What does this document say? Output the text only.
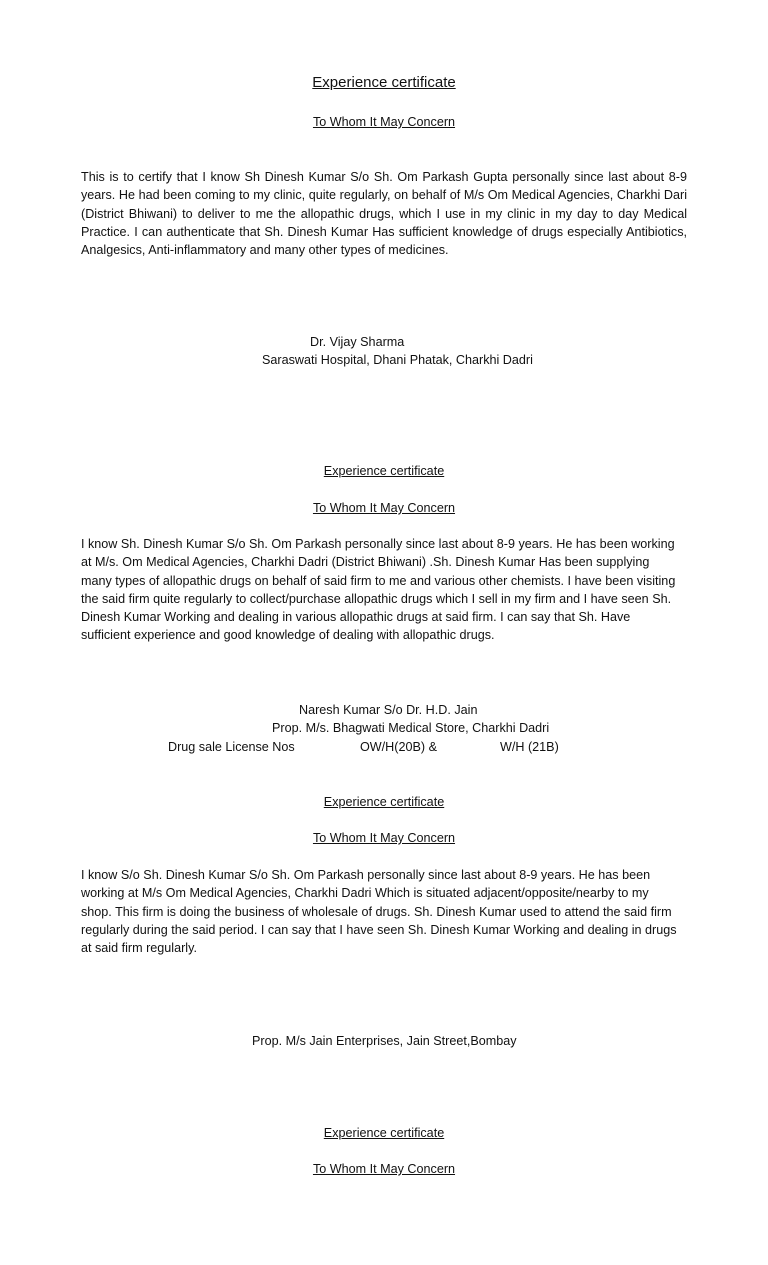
Experience certificate
To Whom It May Concern
This is to certify that I know Sh Dinesh Kumar S/o Sh. Om Parkash Gupta personally since last about 8-9 years. He had been coming to my clinic, quite regularly, on behalf of M/s Om Medical Agencies, Charkhi Dari (District Bhiwani) to deliver to me the allopathic drugs, which I use in my clinic in my day to day Medical Practice. I can authenticate that Sh. Dinesh Kumar Has sufficient knowledge of drugs especially Antibiotics, Analgesics, Anti-inflammatory and many other types of medicines.
Dr. Vijay Sharma
Saraswati Hospital, Dhani Phatak, Charkhi Dadri
Experience certificate
To Whom It May Concern
I know Sh. Dinesh Kumar S/o Sh. Om Parkash personally since last about 8-9 years. He has been working at M/s. Om Medical Agencies, Charkhi Dadri (District Bhiwani) .Sh. Dinesh Kumar Has been supplying many types of allopathic drugs on behalf of said firm to me and various other chemists. I have been visiting the said firm quite regularly to collect/purchase allopathic drugs which I sell in my firm and I have seen Sh. Dinesh Kumar Working and dealing in various allopathic drugs at said firm. I can say that Sh. Have sufficient experience and good knowledge of dealing with allopathic drugs.
Naresh Kumar S/o Dr. H.D. Jain
Prop. M/s. Bhagwati Medical Store, Charkhi Dadri
Drug sale License Nos	OW/H(20B) &	W/H (21B)
Experience certificate
To Whom It May Concern
I know S/o Sh. Dinesh Kumar S/o Sh. Om Parkash personally since last about 8-9 years. He has been working at M/s Om Medical Agencies, Charkhi Dadri Which is situated adjacent/opposite/nearby to my shop. This firm is doing the business of wholesale of drugs. Sh. Dinesh Kumar used to attend the said firm regularly during the said period. I can say that I have seen Sh. Dinesh Kumar Working and dealing in drugs at said firm regularly.
Prop. M/s Jain Enterprises, Jain Street,Bombay
Experience certificate
To Whom It May Concern
